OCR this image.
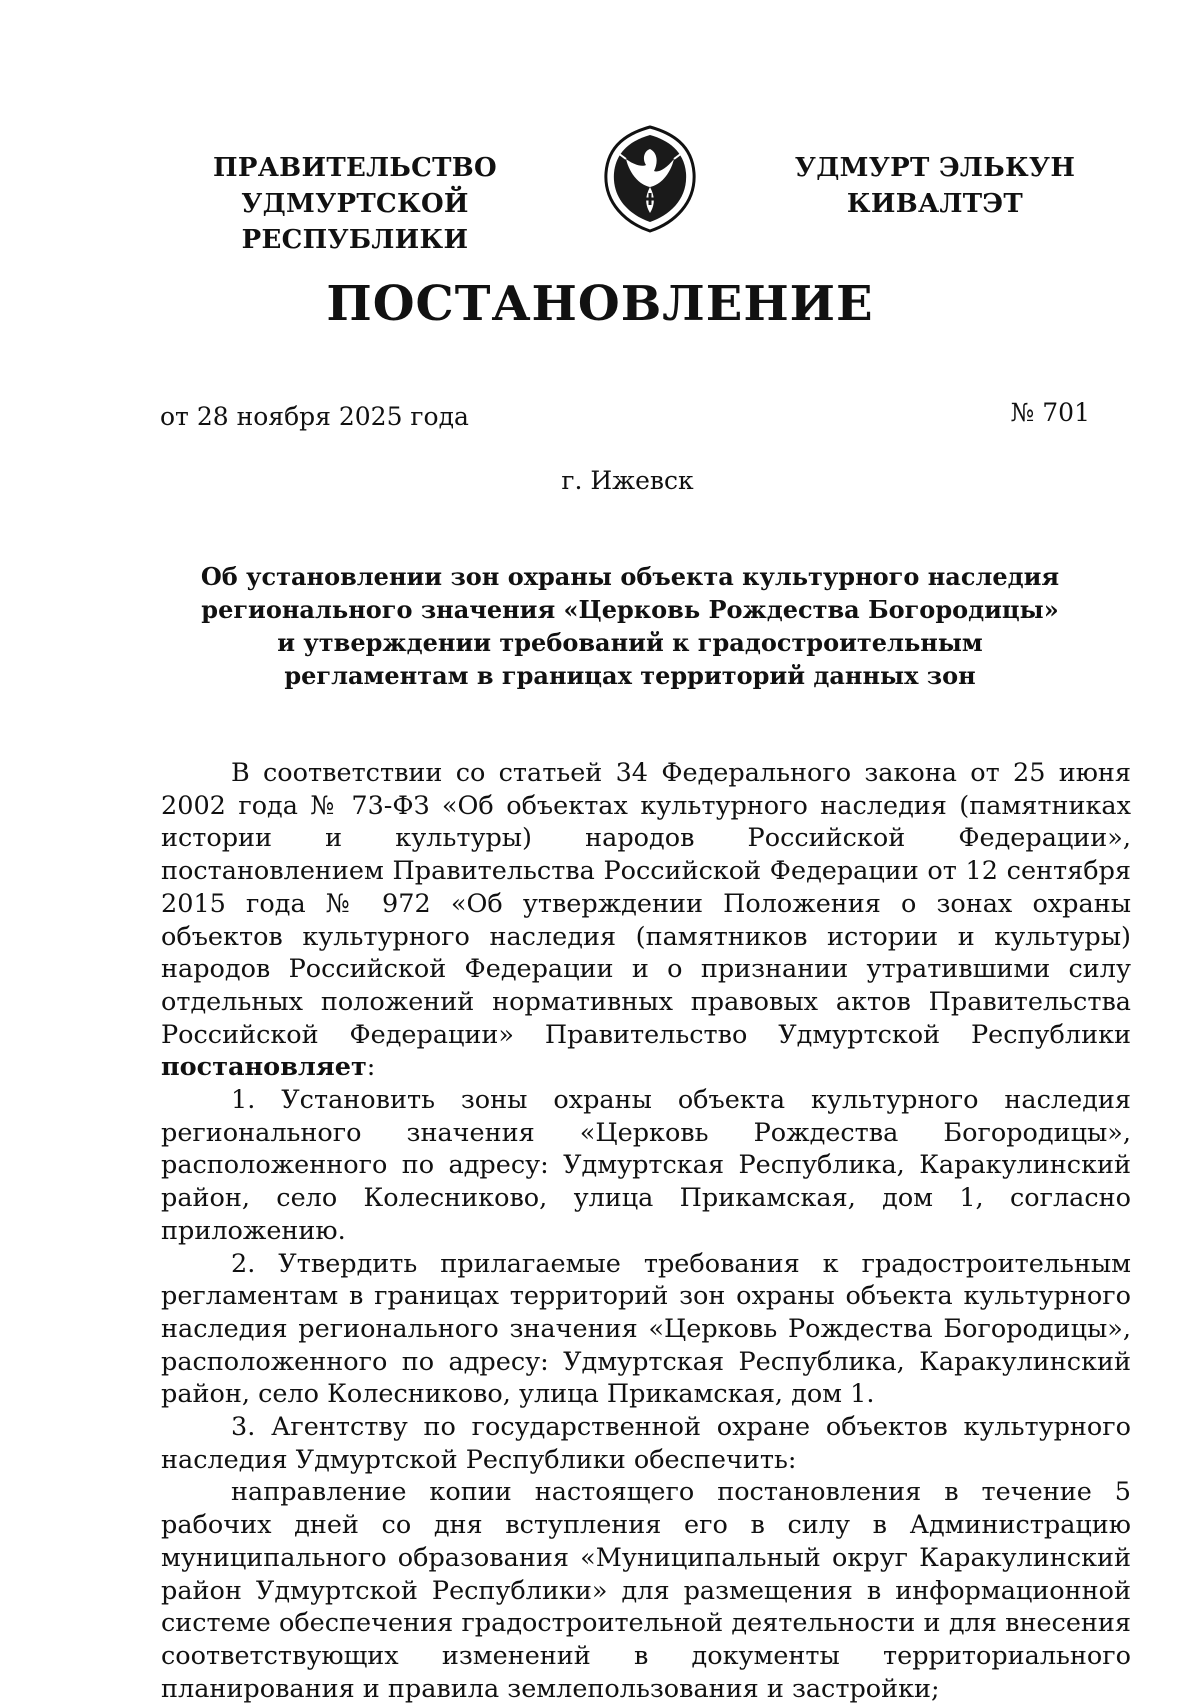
ПРАВИТЕЛЬСТВО
УДМУРТСКОЙ РЕСПУБЛИКИ
УДМУРТ ЭЛЬКУН
КИВАЛТЭТ
ПОСТАНОВЛЕНИЕ
от 28 ноября 2025 года	№ 701
г. Ижевск
Об установлении зон охраны объекта культурного наследия
регионального значения «Церковь Рождества Богородицы»
и утверждении требований к градостроительным
регламентам в границах территорий данных зон

В соответствии со статьей 34 Федерального закона от 25 июня 2002 года № 73-ФЗ «Об объектах культурного наследия (памятниках истории и культуры) народов Российской Федерации», постановлением Правительства Российской Федерации от 12 сентября 2015 года № 972 «Об утверждении Положения о зонах охраны объектов культурного наследия (памятников истории и культуры) народов Российской Федерации и о признании утратившими силу отдельных положений нормативных правовых актов Правительства Российской Федерации» Правительство Удмуртской Республики постановляет:

1. Установить зоны охраны объекта культурного наследия регионального значения «Церковь Рождества Богородицы», расположенного по адресу: Удмуртская Республика, Каракулинский район, село Колесниково, улица Прикамская, дом 1, согласно приложению.

2. Утвердить прилагаемые требования к градостроительным регламентам в границах территорий зон охраны объекта культурного наследия регионального значения «Церковь Рождества Богородицы», расположенного по адресу: Удмуртская Республика, Каракулинский район, село Колесниково, улица Прикамская, дом 1.

3. Агентству по государственной охране объектов культурного наследия Удмуртской Республики обеспечить:

направление копии настоящего постановления в течение 5 рабочих дней со дня вступления его в силу в Администрацию муниципального образования «Муниципальный округ Каракулинский район Удмуртской Республики» для размещения в информационной системе обеспечения градостроительной деятельности и для внесения соответствующих изменений в документы территориального планирования и правила землепользования и застройки;
